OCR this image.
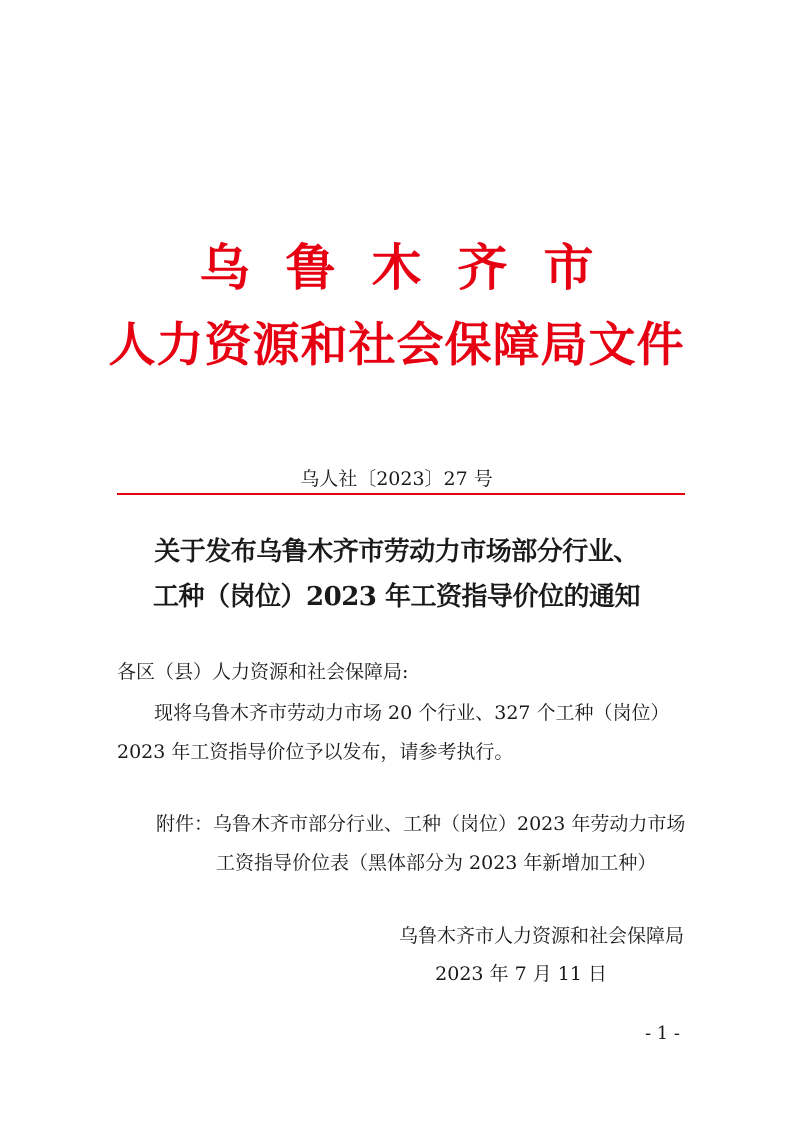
乌鲁木齐市
人力资源和社会保障局文件
乌人社〔2023〕27 号
关于发布乌鲁木齐市劳动力市场部分行业、
工种（岗位）2023 年工资指导价位的通知
各区（县）人力资源和社会保障局:
现将乌鲁木齐市劳动力市场 20 个行业、327 个工种（岗位）
2023 年工资指导价位予以发布，请参考执行。
附件：乌鲁木齐市部分行业、工种（岗位）2023 年劳动力市场
工资指导价位表（黑体部分为 2023 年新增加工种）
乌鲁木齐市人力资源和社会保障局
2023 年 7 月 11 日
- 1 -
